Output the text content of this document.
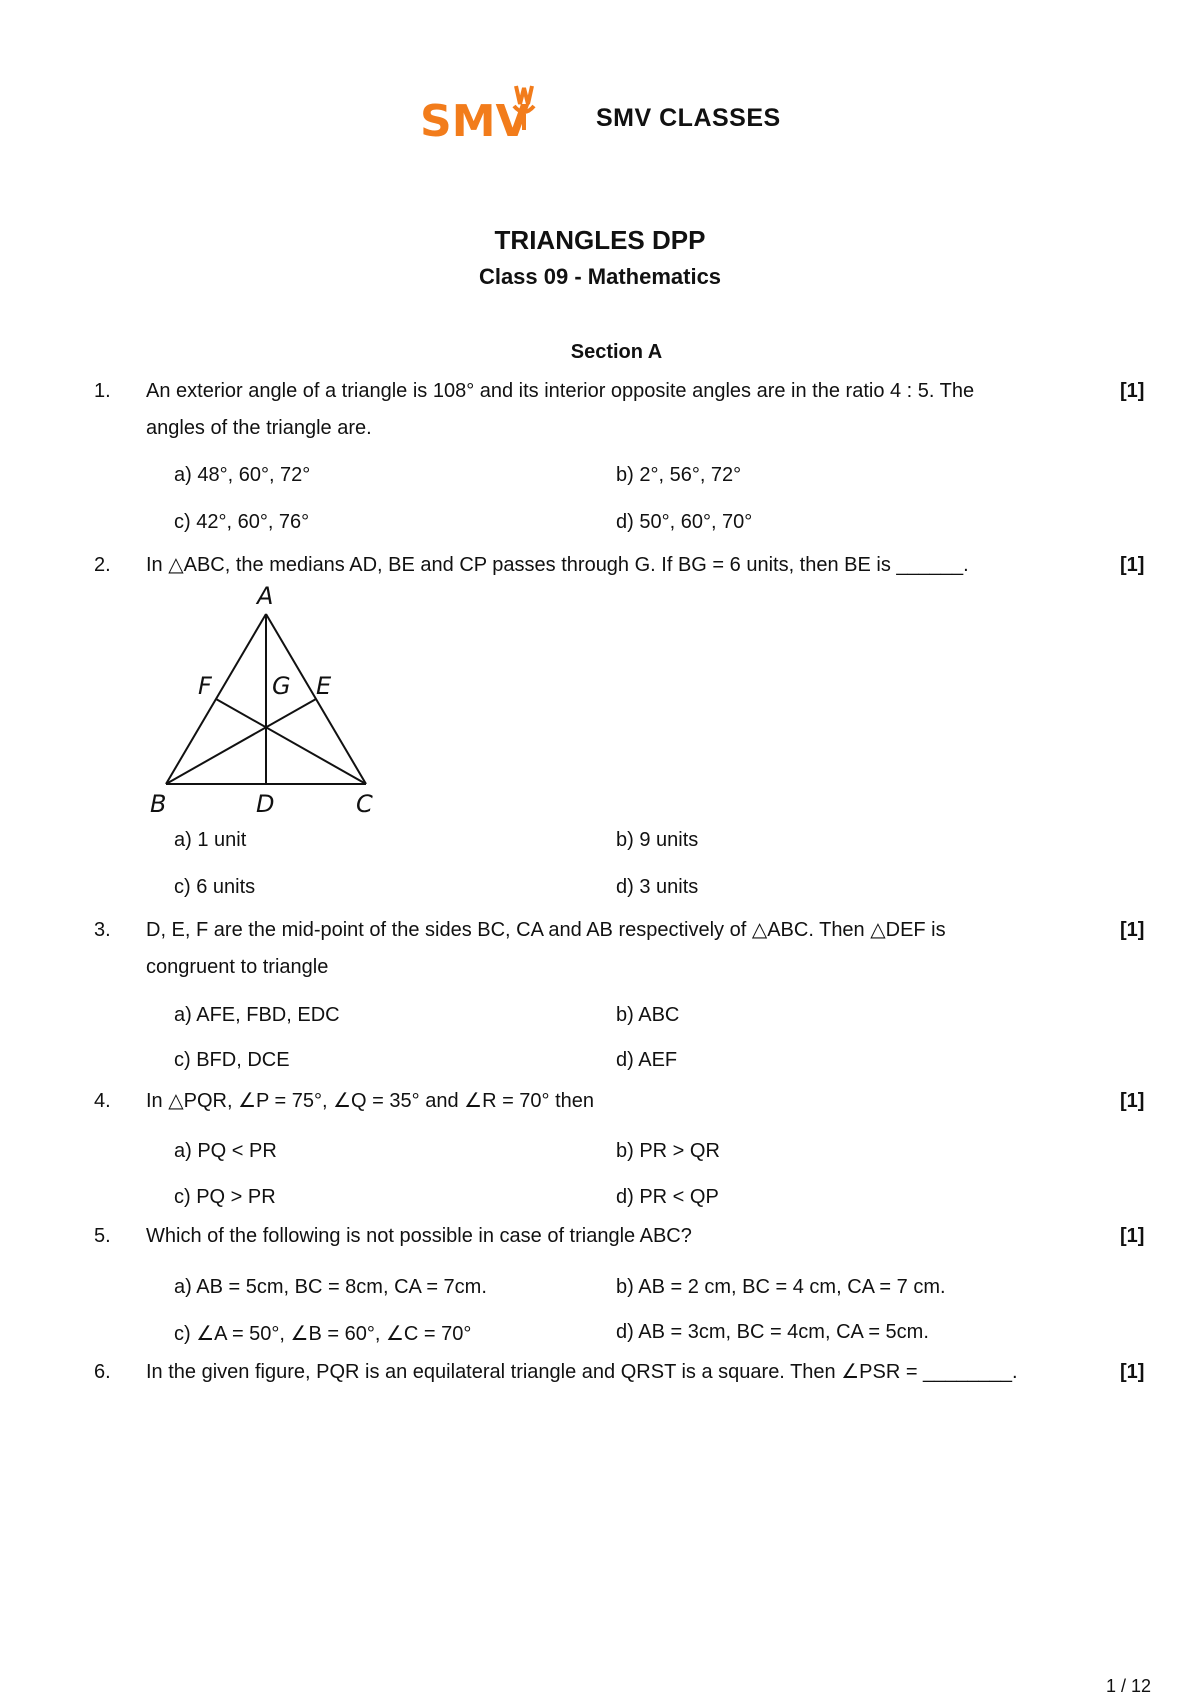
SMV	SMV CLASSES
TRIANGLES DPP
Class 09 - Mathematics
Section A
1. An exterior angle of a triangle is 108° and its interior opposite angles are in the ratio 4 : 5. The
angles of the triangle are.
[1]
a) 48°, 60°, 72°	b) 2°, 56°, 72°
c) 42°, 60°, 76°	d) 50°, 60°, 70°
2. In △ABC, the medians AD, BE and CP passes through G. If BG = 6 units, then BE is ______.	[1]
A
B	C
D
E
F	G
a) 1 unit	b) 9 units
c) 6 units	d) 3 units
3. D, E, F are the mid-point of the sides BC, CA and AB respectively of △ABC. Then △DEF is
congruent to triangle
[1]
a) AFE, FBD, EDC	b) ABC
c) BFD, DCE	d) AEF
4. In △PQR, ∠P = 75°, ∠Q = 35° and ∠R = 70° then	[1]
a) PQ < PR	b) PR > QR
c) PQ > PR	d) PR < QP
5. Which of the following is not possible in case of triangle ABC?	[1]
a) AB = 5cm, BC = 8cm, CA = 7cm.	b) AB = 2 cm, BC = 4 cm, CA = 7 cm.
c) ∠A = 50°, ∠B = 60°, ∠C = 70°	d) AB = 3cm, BC = 4cm, CA = 5cm.
6. In the given figure, PQR is an equilateral triangle and QRST is a square. Then ∠PSR = ________.	[1]
1 / 12
